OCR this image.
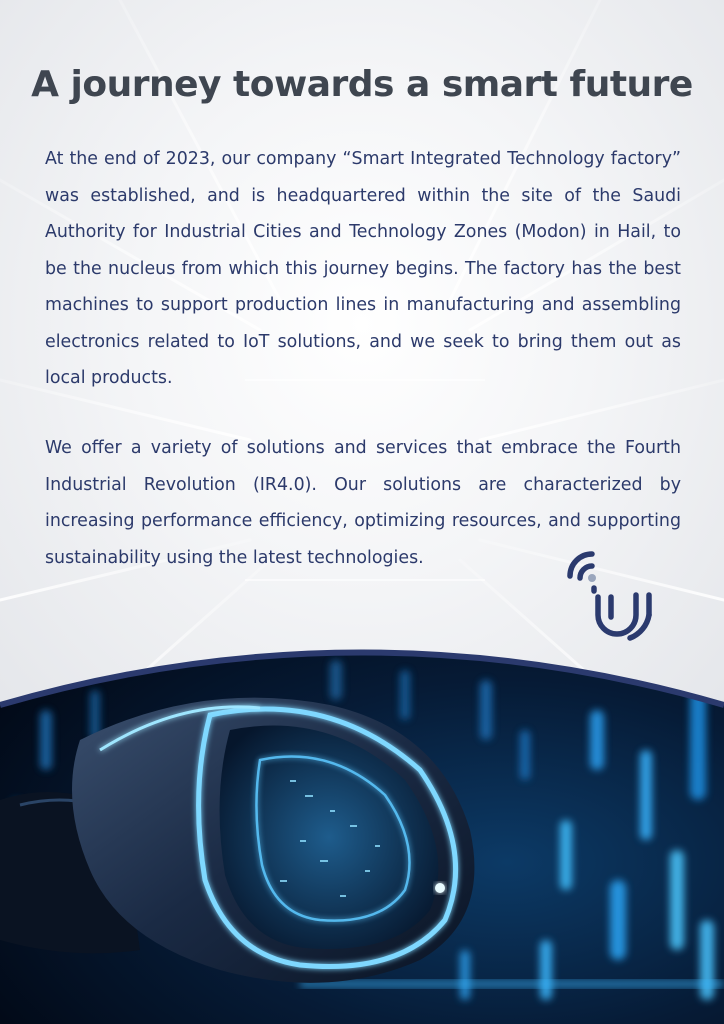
A journey towards a smart future

At the end of 2023, our company “Smart Integrated Technology factory” was established, and is headquartered within the site of the Saudi Authority for Industrial Cities and Technology Zones (Modon) in Hail, to be the nucleus from which this journey begins. The factory has the best machines to support production lines in manufacturing and assembling electronics related to IoT solutions, and we seek to bring them out as local products.

We offer a variety of solutions and services that embrace the Fourth Industrial Revolution (IR4.0). Our solutions are characterized by increasing performance efficiency, optimizing resources, and supporting sustainability using the latest technologies.
